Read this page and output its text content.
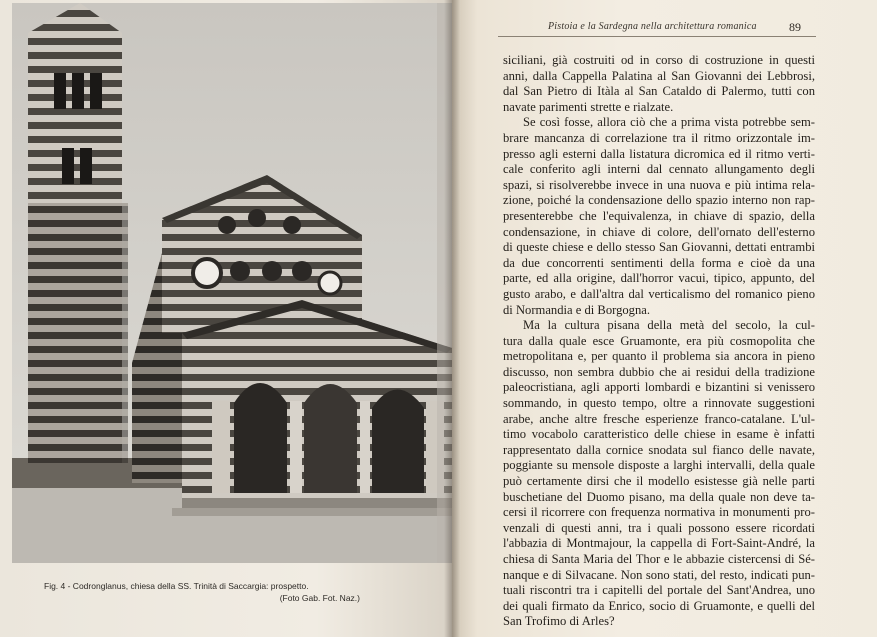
Fig. 4 - Codronglanus, chiesa della SS. Trinità di Saccargia: prospetto.
(Foto Gab. Fot. Naz.)
Pistoia e la Sardegna nella architettura romanica	89
siciliani, già costruiti od in corso di costruzione in questi
anni, dalla Cappella Palatina al San Giovanni dei Lebbrosi,
dal San Pietro di Itàla al San Cataldo di Palermo, tutti con
navate parimenti strette e rialzate.
Se così fosse, allora ciò che a prima vista potrebbe sem-
brare mancanza di correlazione tra il ritmo orizzontale im-
presso agli esterni dalla listatura dicromica ed il ritmo verti-
cale conferito agli interni dal cennato allungamento degli
spazi, si risolverebbe invece in una nuova e più intima rela-
zione, poiché la condensazione dello spazio interno non rap-
presenterebbe che l'equivalenza, in chiave di spazio, della
condensazione, in chiave di colore, dell'ornato dell'esterno
di queste chiese e dello stesso San Giovanni, dettati entrambi
da due concorrenti sentimenti della forma e cioè da una
parte, ed alla origine, dall'horror vacui, tipico, appunto, del
gusto arabo, e dall'altra dal verticalismo del romanico pieno
di Normandia e di Borgogna.
Ma la cultura pisana della metà del secolo, la cul-
tura dalla quale esce Gruamonte, era più cosmopolita che
metropolitana e, per quanto il problema sia ancora in pieno
discusso, non sembra dubbio che ai residui della tradizione
paleocristiana, agli apporti lombardi e bizantini si venissero
sommando, in questo tempo, oltre a rinnovate suggestioni
arabe, anche altre fresche esperienze franco-catalane. L'ul-
timo vocabolo caratteristico delle chiese in esame è infatti
rappresentato dalla cornice snodata sul fianco delle navate,
poggiante su mensole disposte a larghi intervalli, della quale
può certamente dirsi che il modello esistesse già nelle parti
buschetiane del Duomo pisano, ma della quale non deve ta-
cersi il ricorrere con frequenza normativa in monumenti pro-
venzali di questi anni, tra i quali possono essere ricordati
l'abbazia di Montmajour, la cappella di Fort-Saint-André, la
chiesa di Santa Maria del Thor e le abbazie cistercensi di Sé-
nanque e di Silvacane. Non sono stati, del resto, indicati pun-
tuali riscontri tra i capitelli del portale del Sant'Andrea, uno
dei quali firmato da Enrico, socio di Gruamonte, e quelli del
San Trofimo di Arles?
